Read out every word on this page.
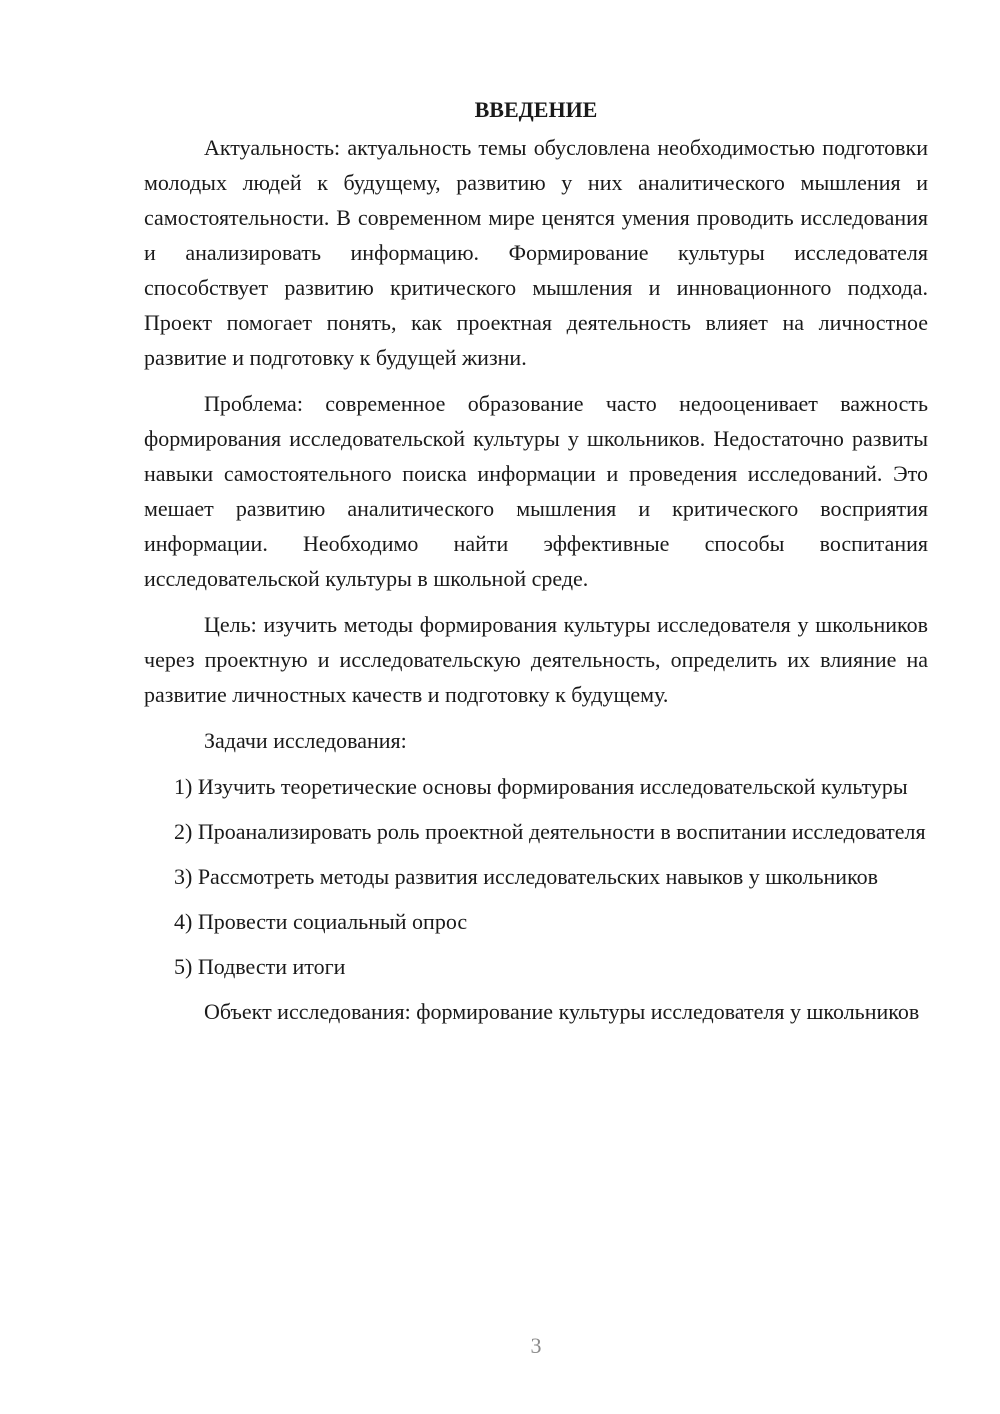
ВВЕДЕНИЕ

Актуальность: актуальность темы обусловлена необходимостью подготовки молодых людей к будущему, развитию у них аналитического мышления и самостоятельности. В современном мире ценятся умения проводить исследования и анализировать информацию. Формирование культуры исследователя способствует развитию критического мышления и инновационного подхода. Проект помогает понять, как проектная деятельность влияет на личностное развитие и подготовку к будущей жизни.

Проблема: современное образование часто недооценивает важность формирования исследовательской культуры у школьников. Недостаточно развиты навыки самостоятельного поиска информации и проведения исследований. Это мешает развитию аналитического мышления и критического восприятия информации. Необходимо найти эффективные способы воспитания исследовательской культуры в школьной среде.

Цель: изучить методы формирования культуры исследователя у школьников через проектную и исследовательскую деятельность, определить их влияние на развитие личностных качеств и подготовку к будущему.

Задачи исследования:

1) Изучить теоретические основы формирования исследовательской культуры

2) Проанализировать роль проектной деятельности в воспитании исследователя

3) Рассмотреть методы развития исследовательских навыков у школьников

4) Провести социальный опрос

5) Подвести итоги

Объект исследования: формирование культуры исследователя у школьников

3
